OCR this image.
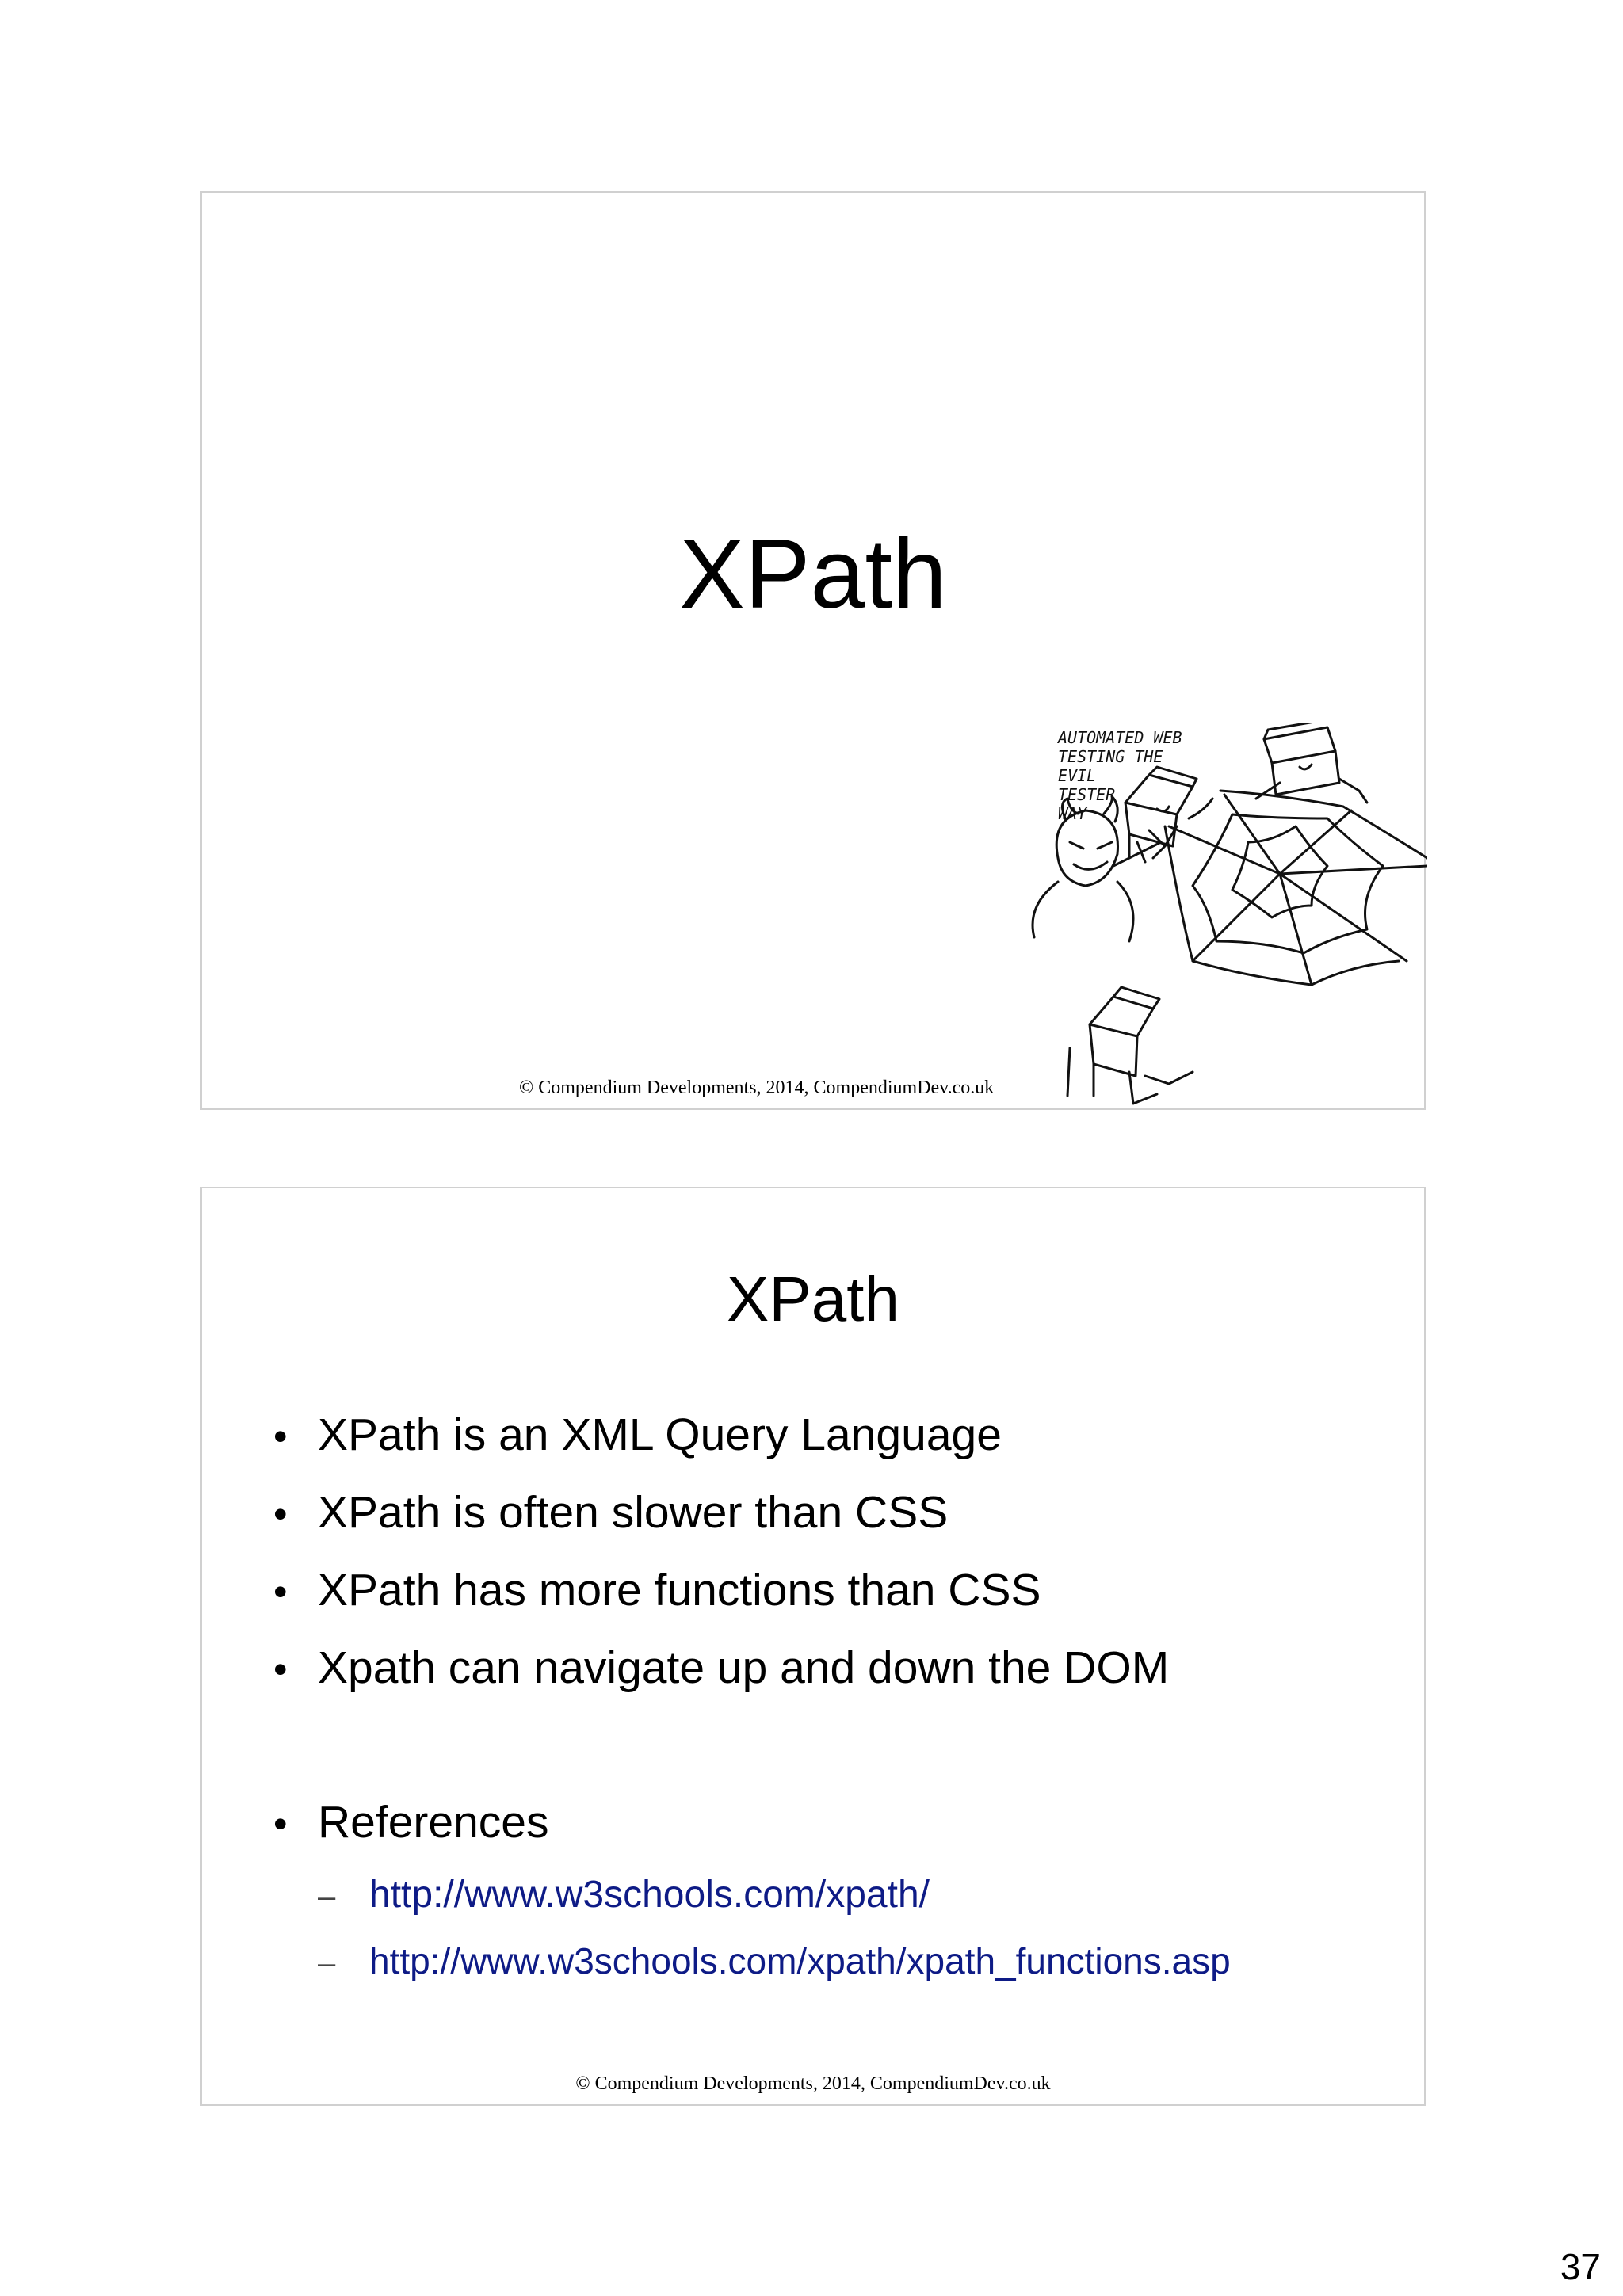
XPath
AUTOMATED WEB
TESTING THE
EVIL
TESTER
WAY
© Compendium Developments, 2014, CompendiumDev.co.uk
XPath
• XPath is an XML Query Language
• XPath is often slower than CSS
• XPath has more functions than CSS
• Xpath can navigate up and down the DOM
• References
– http://www.w3schools.com/xpath/
– http://www.w3schools.com/xpath/xpath_functions.asp
© Compendium Developments, 2014, CompendiumDev.co.uk
37
